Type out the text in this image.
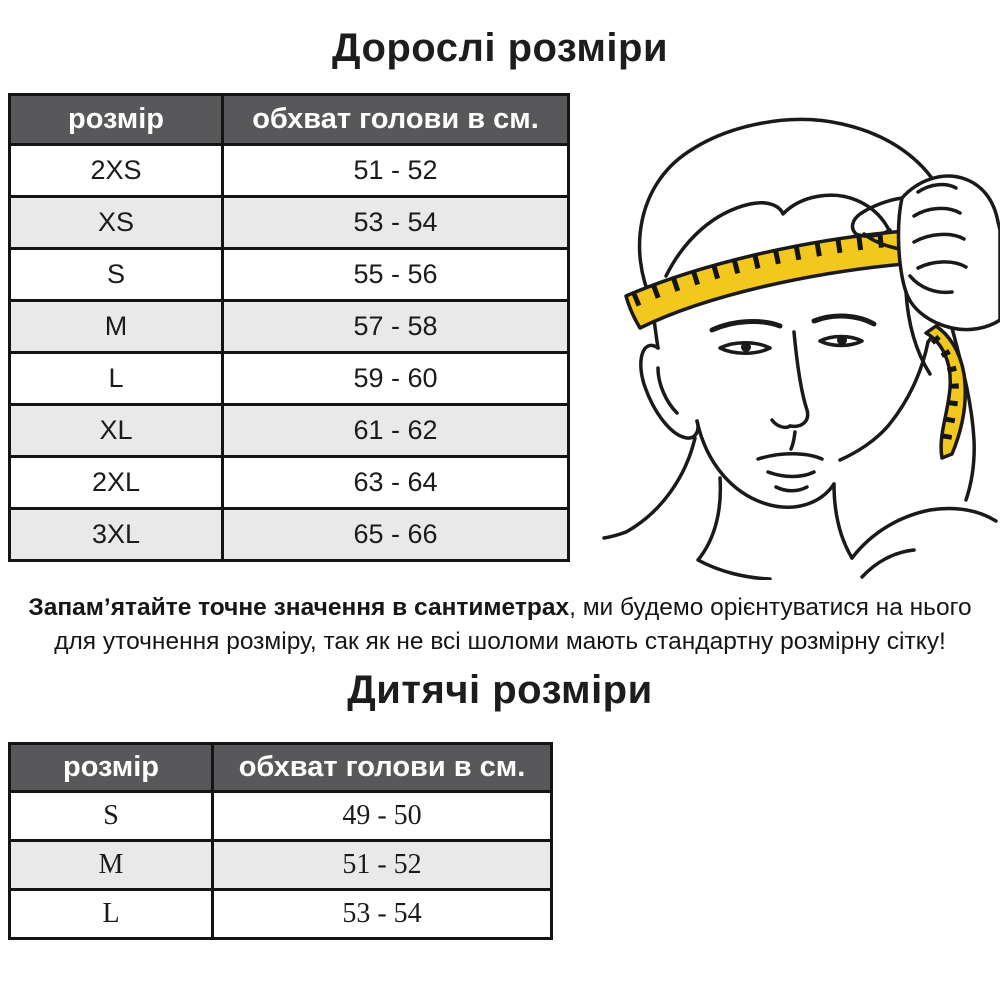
Дорослі розміри
розмір	обхват голови в см.
2XS	51 - 52
XS	53 - 54
S	55 - 56
M	57 - 58
L	59 - 60
XL	61 - 62
2XL	63 - 64
3XL	65 - 66
Запам’ятайте точне значення в сантиметрах, ми будемо орієнтуватися на нього для уточнення розміру, так як не всі шоломи мають стандартну розмірну сітку!
Дитячі розміри
розмір	обхват голови в см.
S	49 - 50
M	51 - 52
L	53 - 54
